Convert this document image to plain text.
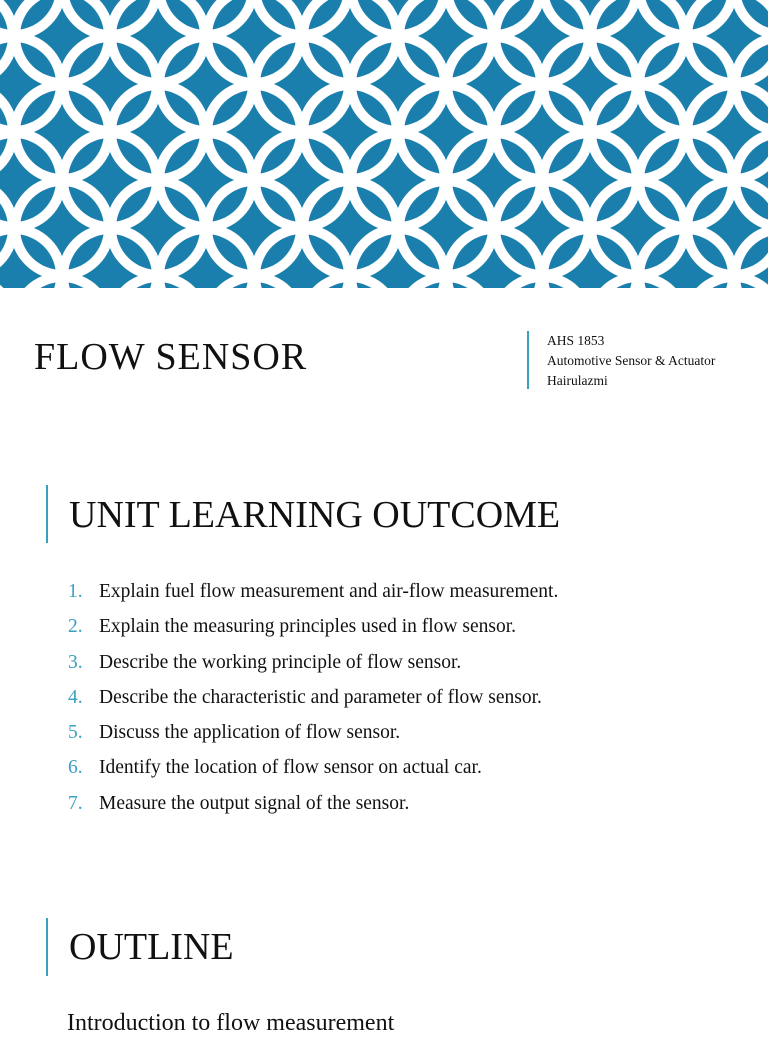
FLOW SENSOR	AHS 1853
Automotive Sensor & Actuator
Hairulazmi
UNIT LEARNING OUTCOME
1. Explain fuel flow measurement and air-flow measurement.
2. Explain the measuring principles used in flow sensor.
3. Describe the working principle of flow sensor.
4. Describe the characteristic and parameter of flow sensor.
5. Discuss the application of flow sensor.
6. Identify the location of flow sensor on actual car.
7. Measure the output signal of the sensor.
OUTLINE
Introduction to flow measurement
